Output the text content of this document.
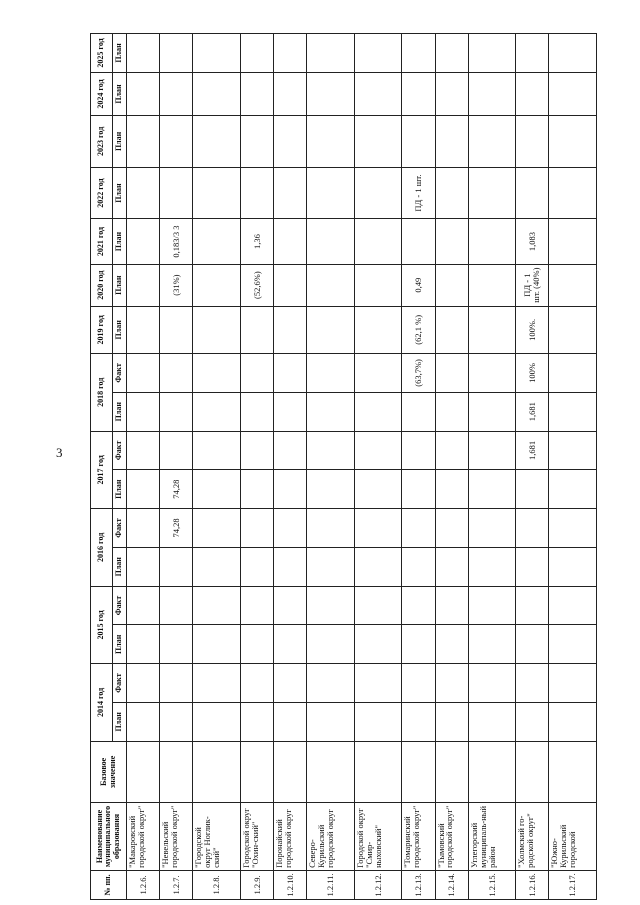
3
№ пп.	Наименование муниципального образования	Базовое значение	2014 год		2015 год		2016 год		2017 год		2018 год		2019 год	2020 год	2021 год	2022 год	2023 год	2024 год	2025 год
			План	Факт	План	Факт	План	Факт	План	Факт	План	Факт	План	План	План	План	План	План	План
1.2.6.	"Макаровский городской округ"																		
1.2.7.	"Невельский городской округ"							74,28	74,28					(31%)	0,183/3 3				
1.2.8.	"Городской округ Ноглик-ский"																		
1.2.9.	Городской округ "Охин-ский"													(52,6%)	1,36				
1.2.10.	Поронайский городской округ																		
1.2.11.	Северо-Курильский городской округ																		
1.2.12.	Городской округ "Смир-ныховский"																		
1.2.13.	"Томаринский городской округ"											(63,7%)	(62,1 %)	0,49		ПД - 1 шт.			
1.2.14.	"Тымовский городской округ"																		
1.2.15.	Углегорский муниципаль-ный район																		
1.2.16.	"Холмский го-родской округ"									1,681	1,681	100%	100%.	ПД - 1 шт. (40%)	1,083				
1.2.17.	"Южно-Курильский городской																		
